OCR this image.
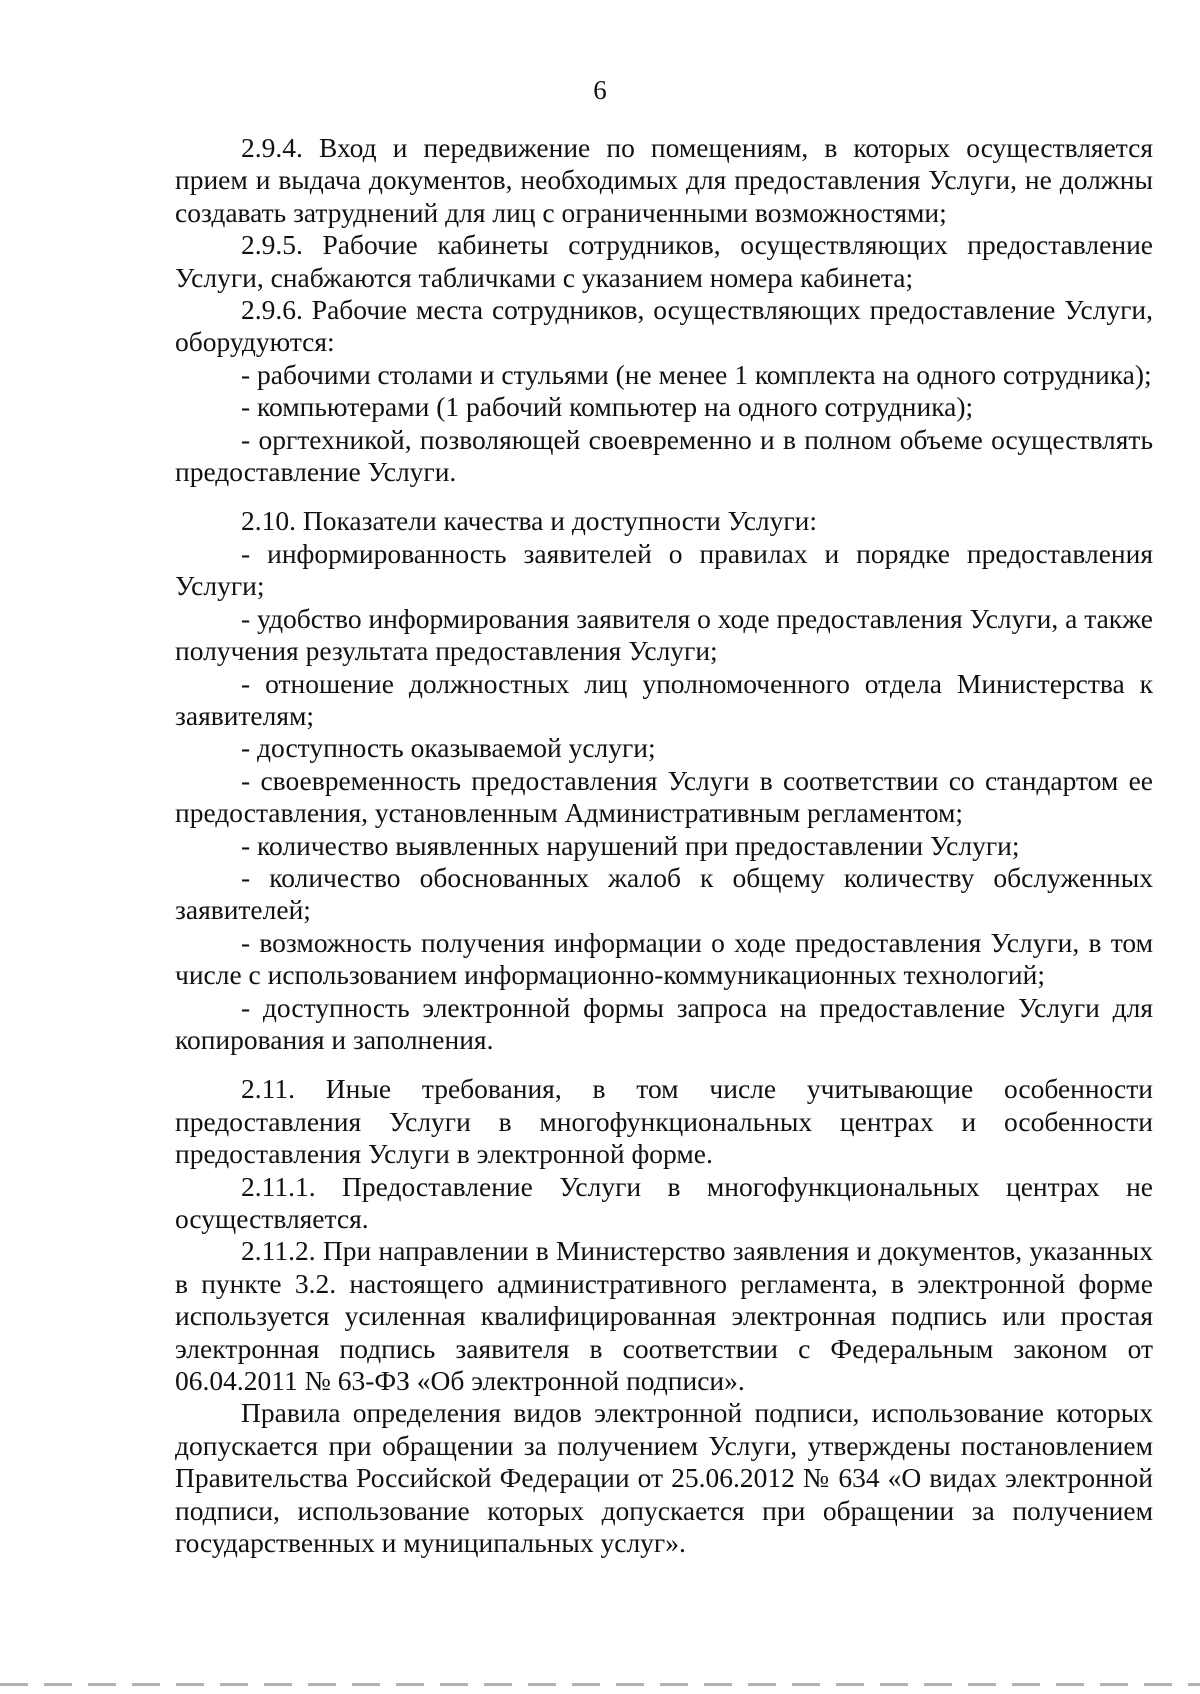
6

2.9.4. Вход и передвижение по помещениям, в которых осуществляется прием и выдача документов, необходимых для предоставления Услуги, не должны создавать затруднений для лиц с ограниченными возможностями;

2.9.5. Рабочие кабинеты сотрудников, осуществляющих предоставление Услуги, снабжаются табличками с указанием номера кабинета;

2.9.6. Рабочие места сотрудников, осуществляющих предоставление Услуги, оборудуются:

- рабочими столами и стульями (не менее 1 комплекта на одного сотрудника);

- компьютерами (1 рабочий компьютер на одного сотрудника);

- оргтехникой, позволяющей своевременно и в полном объеме осуществлять предоставление Услуги.

2.10. Показатели качества и доступности Услуги:

- информированность заявителей о правилах и порядке предоставления Услуги;

- удобство информирования заявителя о ходе предоставления Услуги, а также получения результата предоставления Услуги;

- отношение должностных лиц уполномоченного отдела Министерства к заявителям;

- доступность оказываемой услуги;

- своевременность предоставления Услуги в соответствии со стандартом ее предоставления, установленным Административным регламентом;

- количество выявленных нарушений при предоставлении Услуги;

- количество обоснованных жалоб к общему количеству обслуженных заявителей;

- возможность получения информации о ходе предоставления Услуги, в том числе с использованием информационно-коммуникационных технологий;

- доступность электронной формы запроса на предоставление Услуги для копирования и заполнения.

2.11. Иные требования, в том числе учитывающие особенности предоставления Услуги в многофункциональных центрах и особенности предоставления Услуги в электронной форме.

2.11.1. Предоставление Услуги в многофункциональных центрах не осуществляется.

2.11.2. При направлении в Министерство заявления и документов, указанных в пункте 3.2. настоящего административного регламента, в электронной форме используется усиленная квалифицированная электронная подпись или простая электронная подпись заявителя в соответствии с Федеральным законом от 06.04.2011 № 63-ФЗ «Об электронной подписи».

Правила определения видов электронной подписи, использование которых допускается при обращении за получением Услуги, утверждены постановлением Правительства Российской Федерации от 25.06.2012 № 634 «О видах электронной подписи, использование которых допускается при обращении за получением государственных и муниципальных услуг».
